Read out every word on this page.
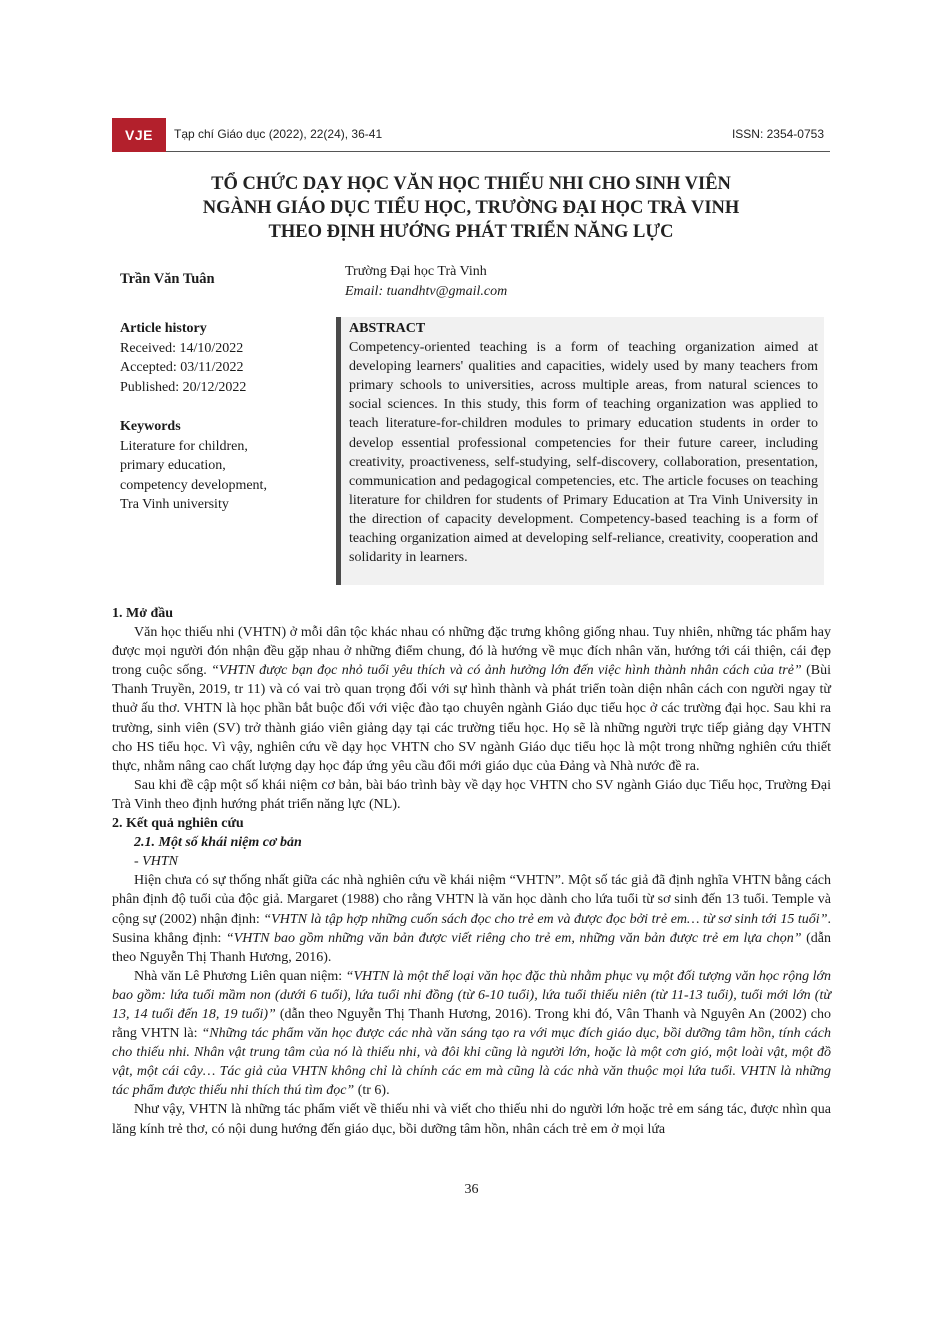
VJE	Tạp chí Giáo dục (2022), 22(24), 36-41	ISSN: 2354-0753
TỔ CHỨC DẠY HỌC VĂN HỌC THIẾU NHI CHO SINH VIÊN
NGÀNH GIÁO DỤC TIỂU HỌC, TRƯỜNG ĐẠI HỌC TRÀ VINH
THEO ĐỊNH HƯỚNG PHÁT TRIỂN NĂNG LỰC
Trần Văn Tuân	Trường Đại học Trà Vinh
Email: tuandhtv@gmail.com
Article history
Received: 14/10/2022
Accepted: 03/11/2022
Published: 20/12/2022
Keywords
Literature for children,
primary education,
competency development,
Tra Vinh university
ABSTRACT
Competency-oriented teaching is a form of teaching organization aimed at developing learners' qualities and capacities, widely used by many teachers from primary schools to universities, across multiple areas, from natural sciences to social sciences. In this study, this form of teaching organization was applied to teach literature-for-children modules to primary education students in order to develop essential professional competencies for their future career, including creativity, proactiveness, self-studying, self-discovery, collaboration, presentation, communication and pedagogical competencies, etc. The article focuses on teaching literature for children for students of Primary Education at Tra Vinh University in the direction of capacity development. Competency-based teaching is a form of teaching organization aimed at developing self-reliance, creativity, cooperation and solidarity in learners.

1. Mở đầu

Văn học thiếu nhi (VHTN) ở mỗi dân tộc khác nhau có những đặc trưng không giống nhau. Tuy nhiên, những tác phẩm hay được mọi người đón nhận đều gặp nhau ở những điểm chung, đó là hướng về mục đích nhân văn, hướng tới cái thiện, cái đẹp trong cuộc sống. “VHTN được bạn đọc nhỏ tuổi yêu thích và có ảnh hưởng lớn đến việc hình thành nhân cách của trẻ” (Bùi Thanh Truyền, 2019, tr 11) và có vai trò quan trọng đối với sự hình thành và phát triển toàn diện nhân cách con người ngay từ thuở ấu thơ. VHTN là học phần bắt buộc đối với việc đào tạo chuyên ngành Giáo dục tiểu học ở các trường đại học. Sau khi ra trường, sinh viên (SV) trở thành giáo viên giảng dạy tại các trường tiểu học. Họ sẽ là những người trực tiếp giảng dạy VHTN cho HS tiểu học. Vì vậy, nghiên cứu về dạy học VHTN cho SV ngành Giáo dục tiểu học là một trong những nghiên cứu thiết thực, nhằm nâng cao chất lượng dạy học đáp ứng yêu cầu đổi mới giáo dục của Đảng và Nhà nước đề ra.

Sau khi đề cập một số khái niệm cơ bản, bài báo trình bày về dạy học VHTN cho SV ngành Giáo dục Tiểu học, Trường Đại Trà Vinh theo định hướng phát triển năng lực (NL).

2. Kết quả nghiên cứu

2.1. Một số khái niệm cơ bản

- VHTN

Hiện chưa có sự thống nhất giữa các nhà nghiên cứu về khái niệm “VHTN”. Một số tác giả đã định nghĩa VHTN bằng cách phân định độ tuổi của độc giả. Margaret (1988) cho rằng VHTN là văn học dành cho lứa tuổi từ sơ sinh đến 13 tuổi. Temple và cộng sự (2002) nhận định: “VHTN là tập hợp những cuốn sách đọc cho trẻ em và được đọc bởi trẻ em… từ sơ sinh tới 15 tuổi”. Susina khẳng định: “VHTN bao gồm những văn bản được viết riêng cho trẻ em, những văn bản được trẻ em lựa chọn” (dẫn theo Nguyễn Thị Thanh Hương, 2016).

Nhà văn Lê Phương Liên quan niệm: “VHTN là một thể loại văn học đặc thù nhằm phục vụ một đối tượng văn học rộng lớn bao gồm: lứa tuổi mầm non (dưới 6 tuổi), lứa tuổi nhi đồng (từ 6-10 tuổi), lứa tuổi thiếu niên (từ 11-13 tuổi), tuổi mới lớn (từ 13, 14 tuổi đến 18, 19 tuổi)” (dẫn theo Nguyễn Thị Thanh Hương, 2016). Trong khi đó, Vân Thanh và Nguyên An (2002) cho rằng VHTN là: “Những tác phẩm văn học được các nhà văn sáng tạo ra với mục đích giáo dục, bồi dưỡng tâm hồn, tính cách cho thiếu nhi. Nhân vật trung tâm của nó là thiếu nhi, và đôi khi cũng là người lớn, hoặc là một cơn gió, một loài vật, một đồ vật, một cái cây… Tác giả của VHTN không chỉ là chính các em mà cũng là các nhà văn thuộc mọi lứa tuổi. VHTN là những tác phẩm được thiếu nhi thích thú tìm đọc” (tr 6).

Như vậy, VHTN là những tác phẩm viết về thiếu nhi và viết cho thiếu nhi do người lớn hoặc trẻ em sáng tác, được nhìn qua lăng kính trẻ thơ, có nội dung hướng đến giáo dục, bồi dưỡng tâm hồn, nhân cách trẻ em ở mọi lứa

36
